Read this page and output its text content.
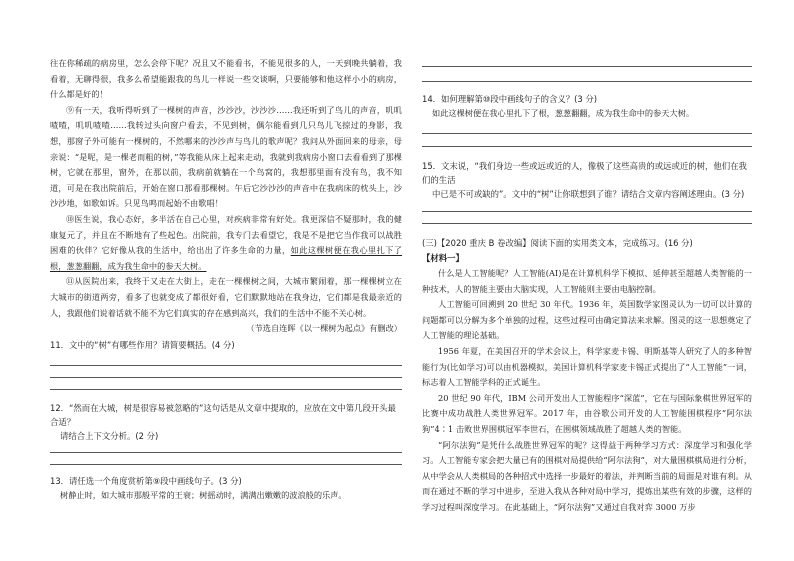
往在你稀疏的病房里，怎么会停下呢？况且又不能看书，不能见很多的人，一天到晚共躺着，我看着，无聊得很，我多么希望能跟我的鸟儿一样说一些交谈啊，只要能够和他这样小小的病房，什么都是好的！

⑨有一天，我听得听到了一棵树的声音，沙沙沙，沙沙沙……我还听到了鸟儿的声音，叽叽喳喳，叽叽喳喳……我转过头向窗户看去，不见到树，偶尔能看到几只鸟儿飞掠过的身影，我想，那窗子外可能有一棵树的，不然哪来的沙沙声与鸟儿的歌声呢？我问从外面回来的母亲，母亲说：“是呢，是一棵老而粗的树，”等我能从床上起来走动，我就到我病房小窗口去看看到了那棵树，它就在那里，窗外，在那以前，我病前就躺在一个鸟窝的，我想那里面有没有鸟，我不知道，可是在我出院前后，开始在窗口那看那棵树。午后它沙沙沙的声音中在我病床的枕头上，沙沙沙地，如歌如诉。只见鸟鸣而起始不由歌唱！

⑩医生说，我心态好，多半活在自己心里，对疾病非常有好处。我更深信不疑那时，我的健康复元了，并且在不断地有了些起色。出院前，我专门去看望它，我是不是把它当作我可以战胜困难的伙伴？它好像从我的生活中，给出出了许多生命的力量，如此这棵树便在我心里扎下了根，葱葱翻翻，成为我生命中的参天大树。

⑪从医院出来，我终于又走在大街上，走在一棵棵树之间，大城市繁闹着，那一棵棵树立在大城市的街道两旁，看多了也就变成了都很好看，它们默默地站在我身边，它们都是我最亲近的人，我跟他们说着话就不能不为它们真实的存在感到高兴，我们的生活中不能不关心树。

（节选自连晖《以一棵树为起点》有删改）

11．文中的“树”有哪些作用？请简要概括。(4 分)

12．“然而在大城，树是很容易被忽略的”这句话是从文章中提取的，应放在文中第几段开头最合适？

请结合上下文分析。(2 分)

13．请任选一个角度赏析第⑨段中画线句子。(3 分)

树静止时，如大城市那般平常的王衰；树摇动时，满满出嫩嫩的波浪般的乐声。

14．如何理解第⑩段中画线句子的含义？(3 分)

如此这棵树便在我心里扎下了根，葱葱翻翻，成为我生命中的参天大树。

15．文末说，“我们身边一些或远或近的人，像极了这些高贵的或远或近的树，他们在我们的生活

中已是不可或缺的”。文中的“树”让你联想到了谁？请结合文章内容阐述理由。(3 分)

(三)【2020 重庆 B 卷改编】阅读下面的实用类文本，完成练习。(16 分)

【材料一】

什么是人工智能呢？人工智能(AI)是在计算机科学下模拟、延伸甚至超越人类智能的一种技术，人的智能主要由大脑实现，人工智能则主要由电脑控制。

人工智能可回溯到 20 世纪 30 年代。1936 年，英国数学家图灵认为一切可以计算的问题都可以分解为多个单独的过程，这些过程可由确定算法来求解。图灵的这一思想奠定了人工智能的理论基础。

1956 年夏，在美国召开的学术会议上，科学家麦卡锡、明斯基等人研究了人的多种智能行为(比如学习)可以由机器模拟，美国计算机科学家麦卡锡正式提出了“人工智能”一词，标志着人工智能学科的正式诞生。

20 世纪 90 年代，IBM 公司开发出人工智能程序“深蓝”，它在与国际象棋世界冠军的比赛中成功战胜人类世界冠军。2017 年，由谷歌公司开发的人工智能围棋程序“阿尔法狗”4∶1 击败世界围棋冠军李世石，在围棋领域战胜了超越人类的智能。

“阿尔法狗”是凭什么战胜世界冠军的呢？这得益于两种学习方式：深度学习和强化学习。人工智能专家会把大量已有的围棋对局提供给“阿尔法狗”，对大量围棋棋局进行分析，从中学会从人类棋局的各种招式中选择一步最好的着法，并判断当前的局面是对谁有利。从而在通过不断的学习中进步，至进入我从各种对局中学习，提炼出某些有效的步骤，这样的学习过程叫深度学习。在此基础上，“阿尔法狗”又通过自我对弈 3000 万步
